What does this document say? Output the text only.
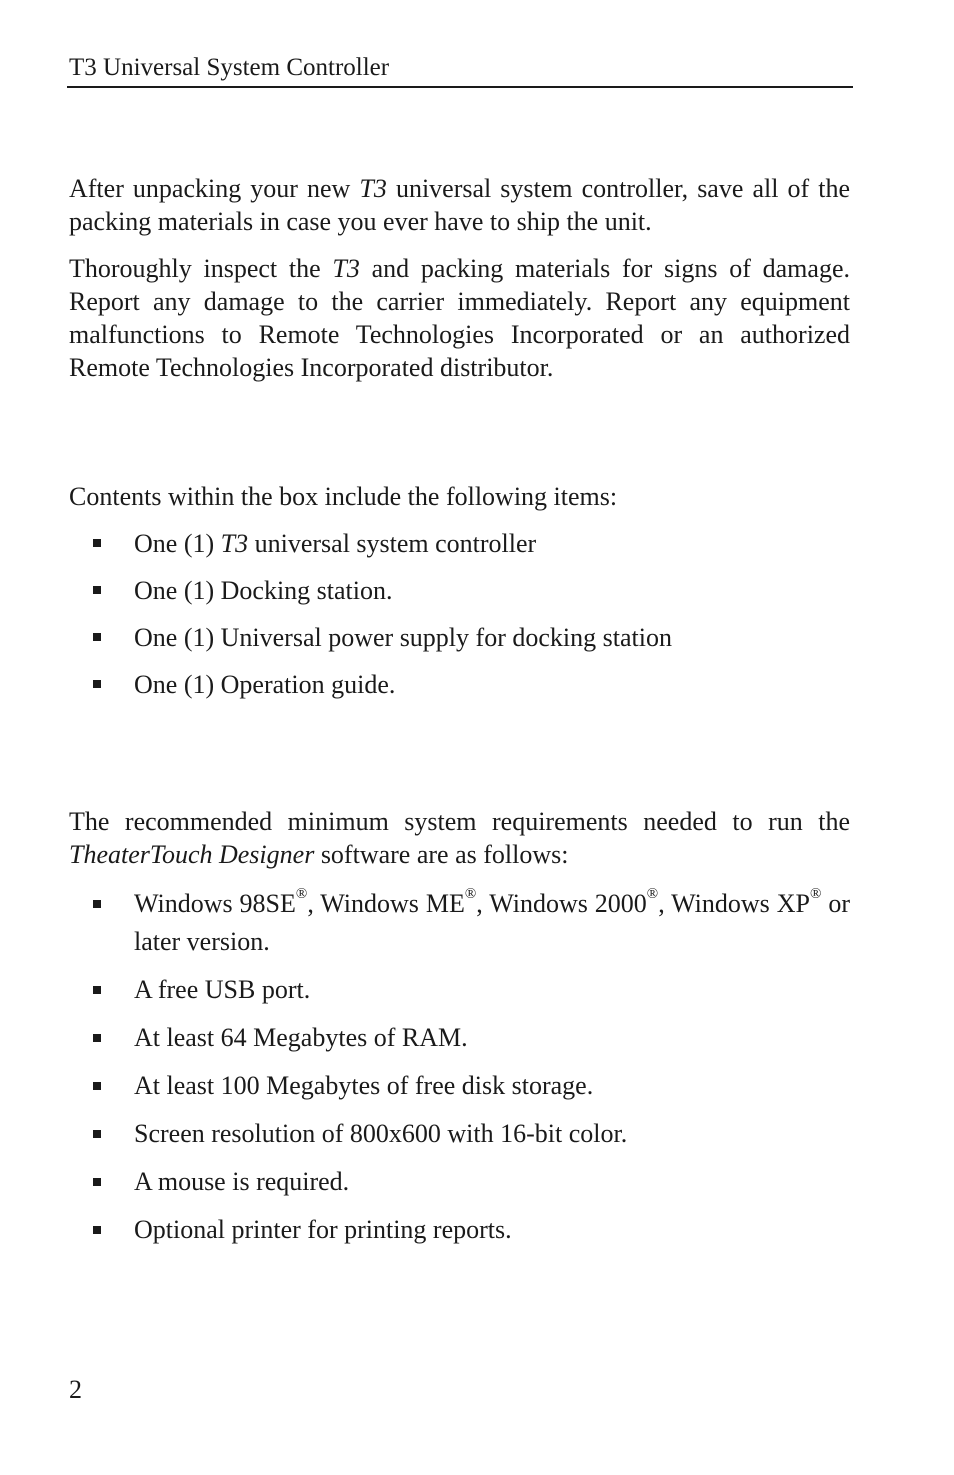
T3 Universal System Controller

After unpacking your new T3 universal system controller, save all of the packing materials in case you ever have to ship the unit.

Thoroughly inspect the T3 and packing materials for signs of damage. Report any damage to the carrier immediately. Report any equipment malfunctions to Remote Technologies Incorporated or an authorized Remote Technologies Incorporated distributor.

Contents within the box include the following items:

One (1) T3 universal system controller
One (1) Docking station.
One (1) Universal power supply for docking station
One (1) Operation guide.

The recommended minimum system requirements needed to run the TheaterTouch Designer software are as follows:

Windows 98SE®, Windows ME®, Windows 2000®, Windows XP® or later version.
A free USB port.
At least 64 Megabytes of RAM.
At least 100 Megabytes of free disk storage.
Screen resolution of 800x600 with 16-bit color.
A mouse is required.
Optional printer for printing reports.
2
